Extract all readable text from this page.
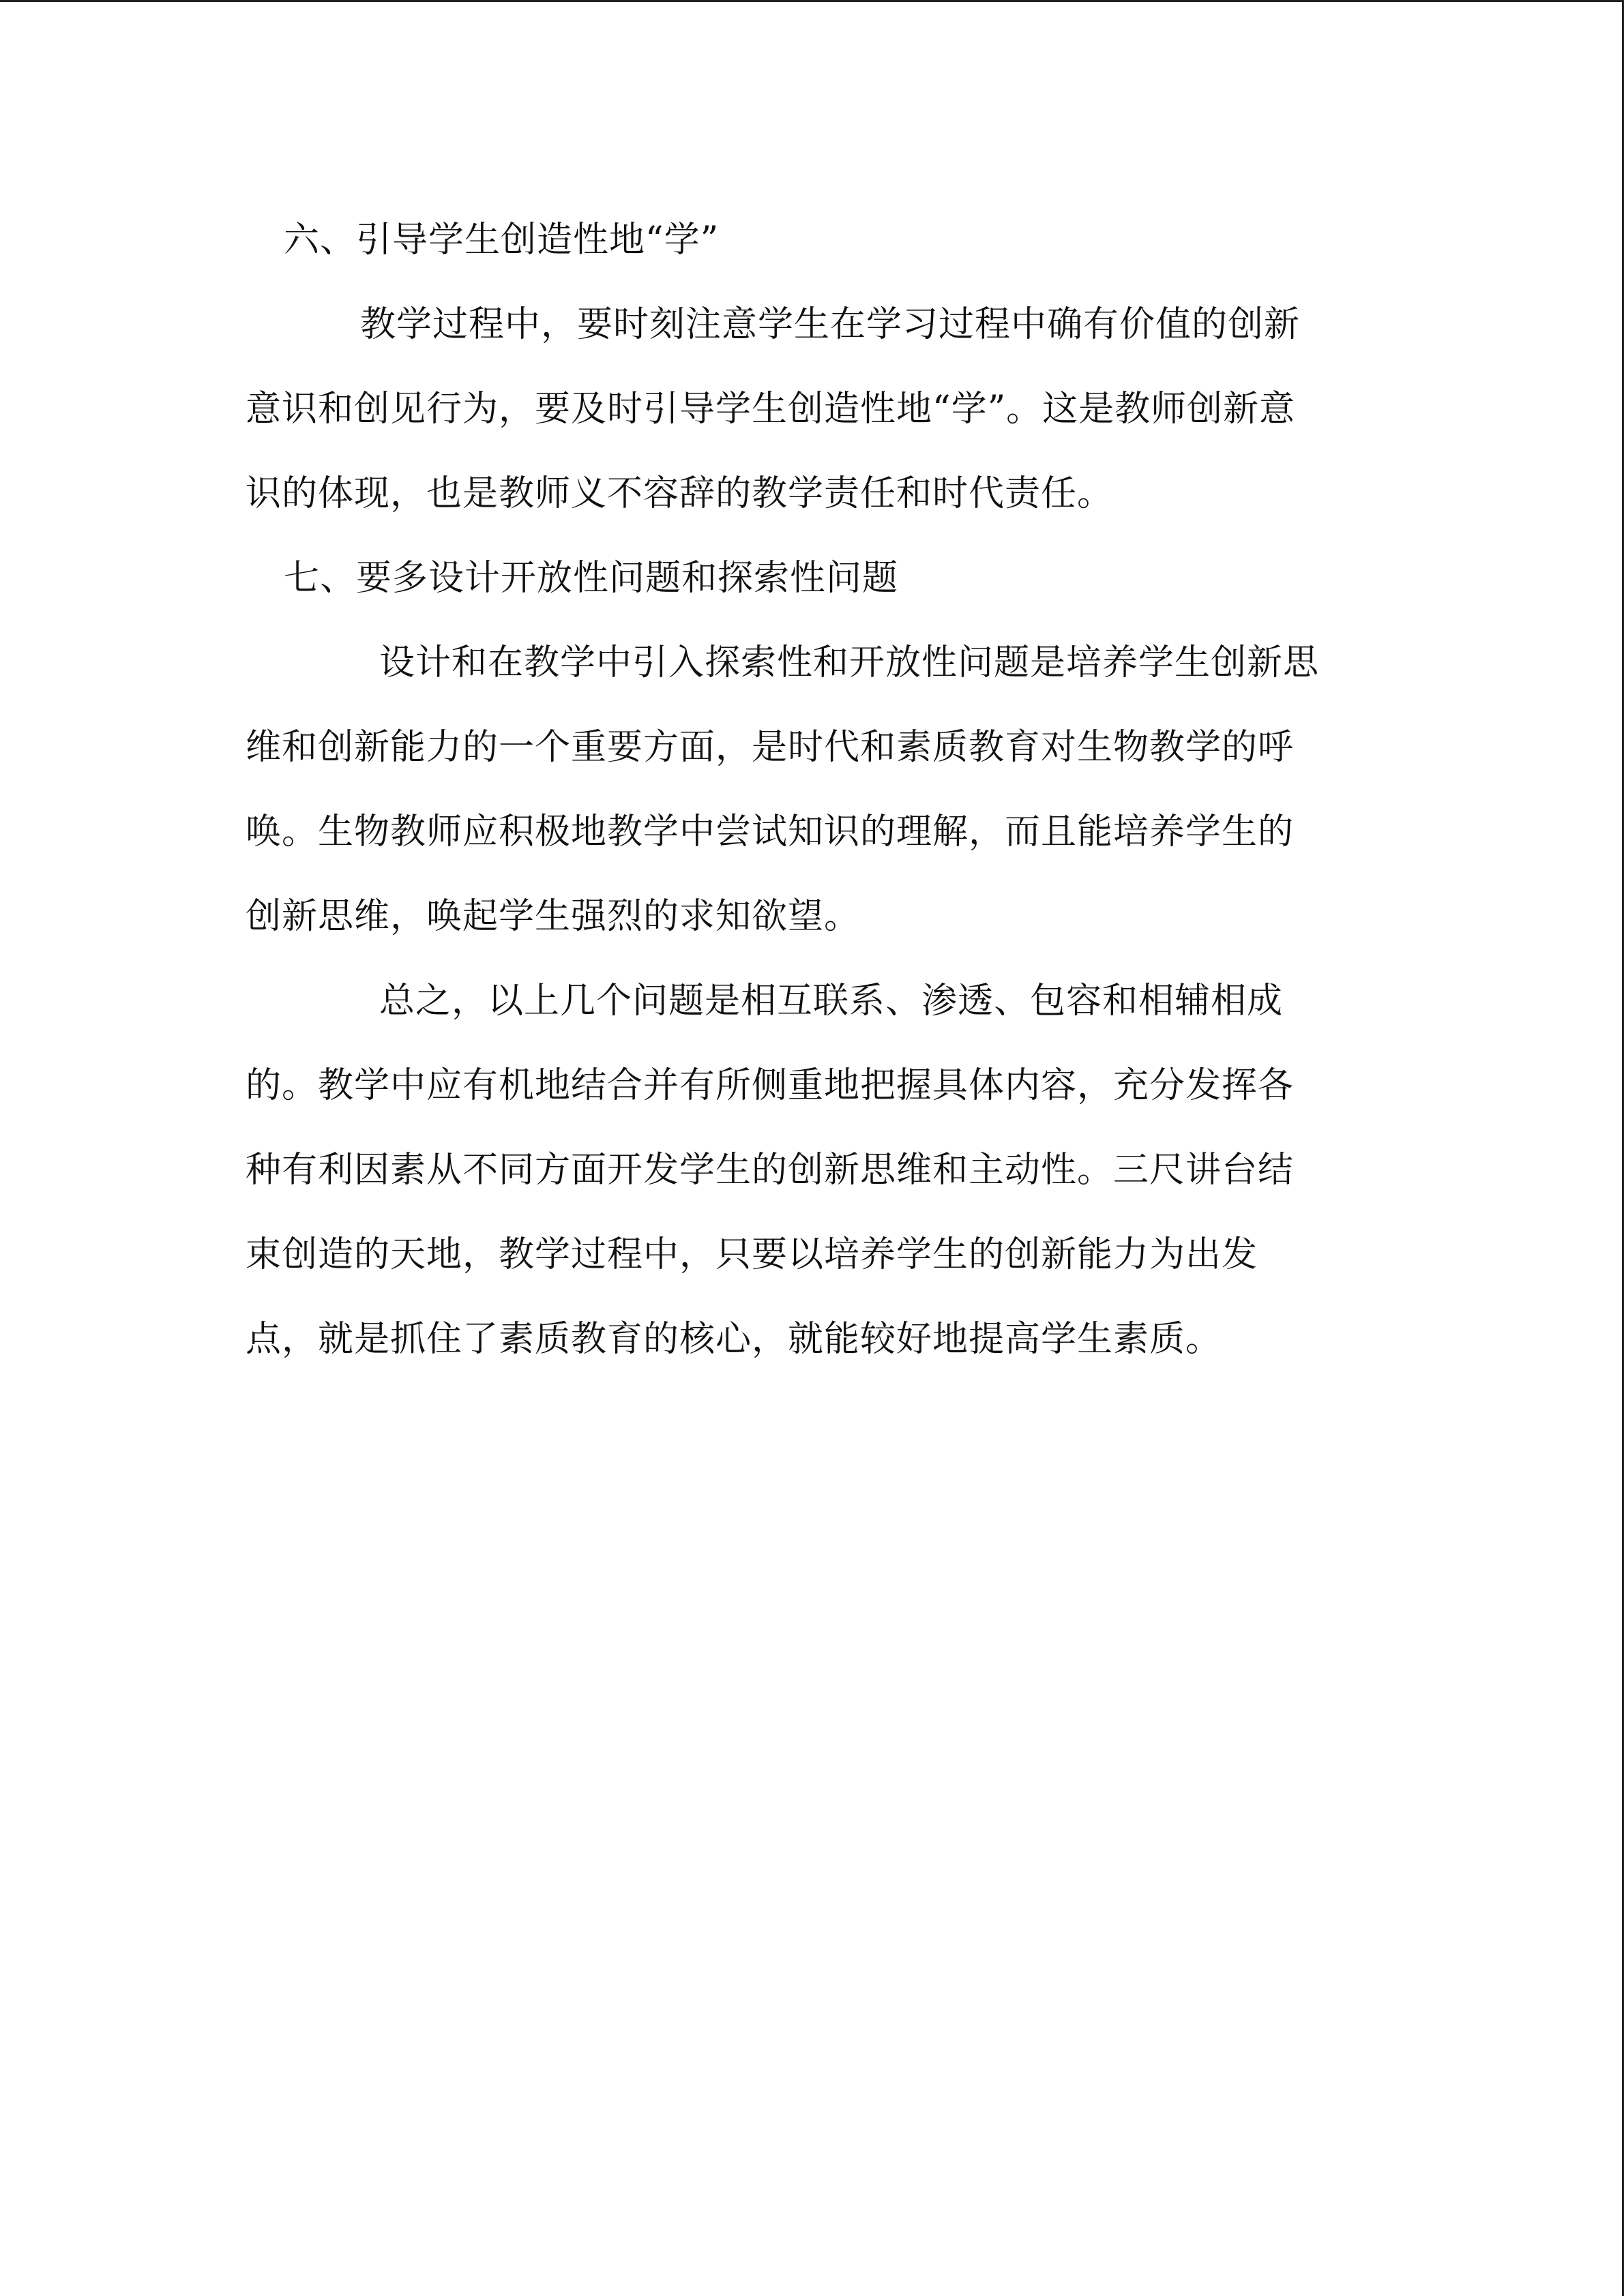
六、引导学生创造性地“学”
教学过程中，要时刻注意学生在学习过程中确有价值的创新
意识和创见行为，要及时引导学生创造性地“学”。这是教师创新意
识的体现，也是教师义不容辞的教学责任和时代责任。
七、要多设计开放性问题和探索性问题
设计和在教学中引入探索性和开放性问题是培养学生创新思
维和创新能力的一个重要方面，是时代和素质教育对生物教学的呼
唤。生物教师应积极地教学中尝试知识的理解，而且能培养学生的
创新思维，唤起学生强烈的求知欲望。
总之，以上几个问题是相互联系、渗透、包容和相辅相成
的。教学中应有机地结合并有所侧重地把握具体内容，充分发挥各
种有利因素从不同方面开发学生的创新思维和主动性。三尺讲台结
束创造的天地，教学过程中，只要以培养学生的创新能力为出发
点，就是抓住了素质教育的核心，就能较好地提高学生素质。
